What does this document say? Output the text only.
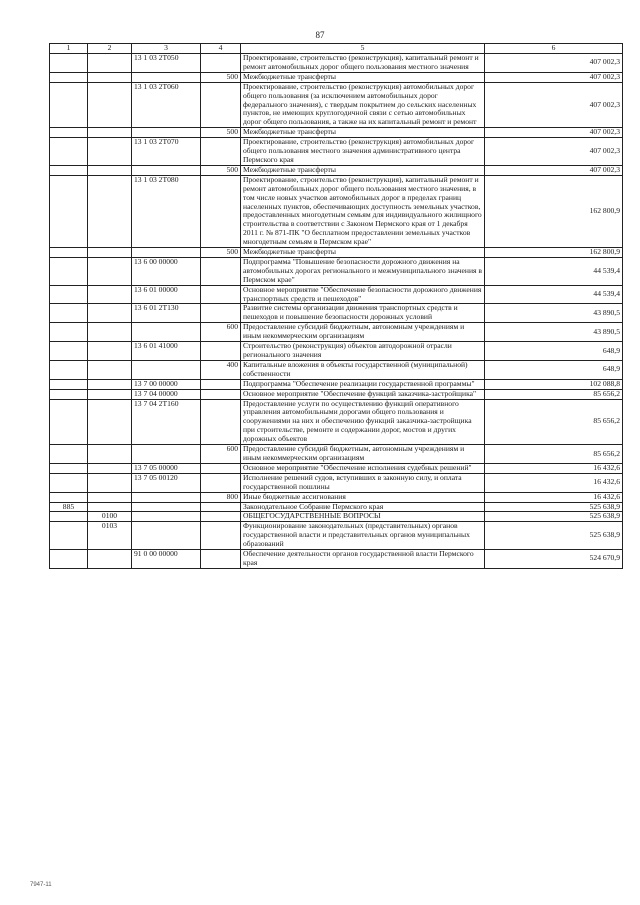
87
1	2	3	4	5	6
		13 1 03 2Т050		Проектирование, строительство (реконструкция), капитальный ремонт и ремонт автомобильных дорог общего пользования местного значения	407 002,3
			500	Межбюджетные трансферты	407 002,3
		13 1 03 2Т060		Проектирование, строительство (реконструкция) автомобильных дорог общего пользования (за исключением автомобильных дорог федерального значения), с твердым покрытием до сельских населенных пунктов, не имеющих круглогодичной связи с сетью автомобильных дорог общего пользования, а также на их капитальный ремонт и ремонт	407 002,3
			500	Межбюджетные трансферты	407 002,3
		13 1 03 2Т070		Проектирование, строительство (реконструкция) автомобильных дорог общего пользования местного значения административного центра Пермского края	407 002,3
			500	Межбюджетные трансферты	407 002,3
		13 1 03 2Т080		Проектирование, строительство (реконструкция), капитальный ремонт и ремонт автомобильных дорог общего пользования местного значения, в том числе новых участков автомобильных дорог в пределах границ населенных пунктов, обеспечивающих доступность земельных участков, предоставленных многодетным семьям для индивидуального жилищного строительства в соответствии с Законом Пермского края от 1 декабря 2011 г. № 871-ПК "О бесплатном предоставлении земельных участков многодетным семьям в Пермском крае"	162 800,9
			500	Межбюджетные трансферты	162 800,9
		13 6 00 00000		Подпрограмма "Повышение безопасности дорожного движения на автомобильных дорогах регионального и межмуниципального значения в Пермском крае"	44 539,4
		13 6 01 00000		Основное мероприятие "Обеспечение безопасности дорожного движения транспортных средств и пешеходов"	44 539,4
		13 6 01 2Т130		Развитие системы организации движения транспортных средств и пешеходов и повышение безопасности дорожных условий	43 890,5
			600	Предоставление субсидий бюджетным, автономным учреждениям и иным некоммерческим организациям	43 890,5
		13 6 01 41000		Строительство (реконструкция) объектов автодорожной отрасли регионального значения	648,9
			400	Капитальные вложения в объекты государственной (муниципальной) собственности	648,9
		13 7 00 00000		Подпрограмма "Обеспечение реализации государственной программы"	102 088,8
		13 7 04 00000		Основное мероприятие "Обеспечение функций заказчика-застройщика"	85 656,2
		13 7 04 2Т160		Предоставление услуги по осуществлению функций оперативного управления автомобильными дорогами общего пользования и сооружениями на них и обеспечению функций заказчика-застройщика при строительстве, ремонте и содержании дорог, мостов и других дорожных объектов	85 656,2
			600	Предоставление субсидий бюджетным, автономным учреждениям и иным некоммерческим организациям	85 656,2
		13 7 05 00000		Основное мероприятие "Обеспечение исполнения судебных решений"	16 432,6
		13 7 05 00120		Исполнение решений судов, вступивших в законную силу, и оплата государственной пошлины	16 432,6
			800	Иные бюджетные ассигнования	16 432,6
885				Законодательное Собрание Пермского края	525 638,9
	0100			ОБЩЕГОСУДАРСТВЕННЫЕ ВОПРОСЫ	525 638,9
	0103			Функционирование законодательных (представительных) органов государственной власти и представительных органов муниципальных образований	525 638,9
		91 0 00 00000		Обеспечение деятельности органов государственной власти Пермского края	524 670,9
7947-11
